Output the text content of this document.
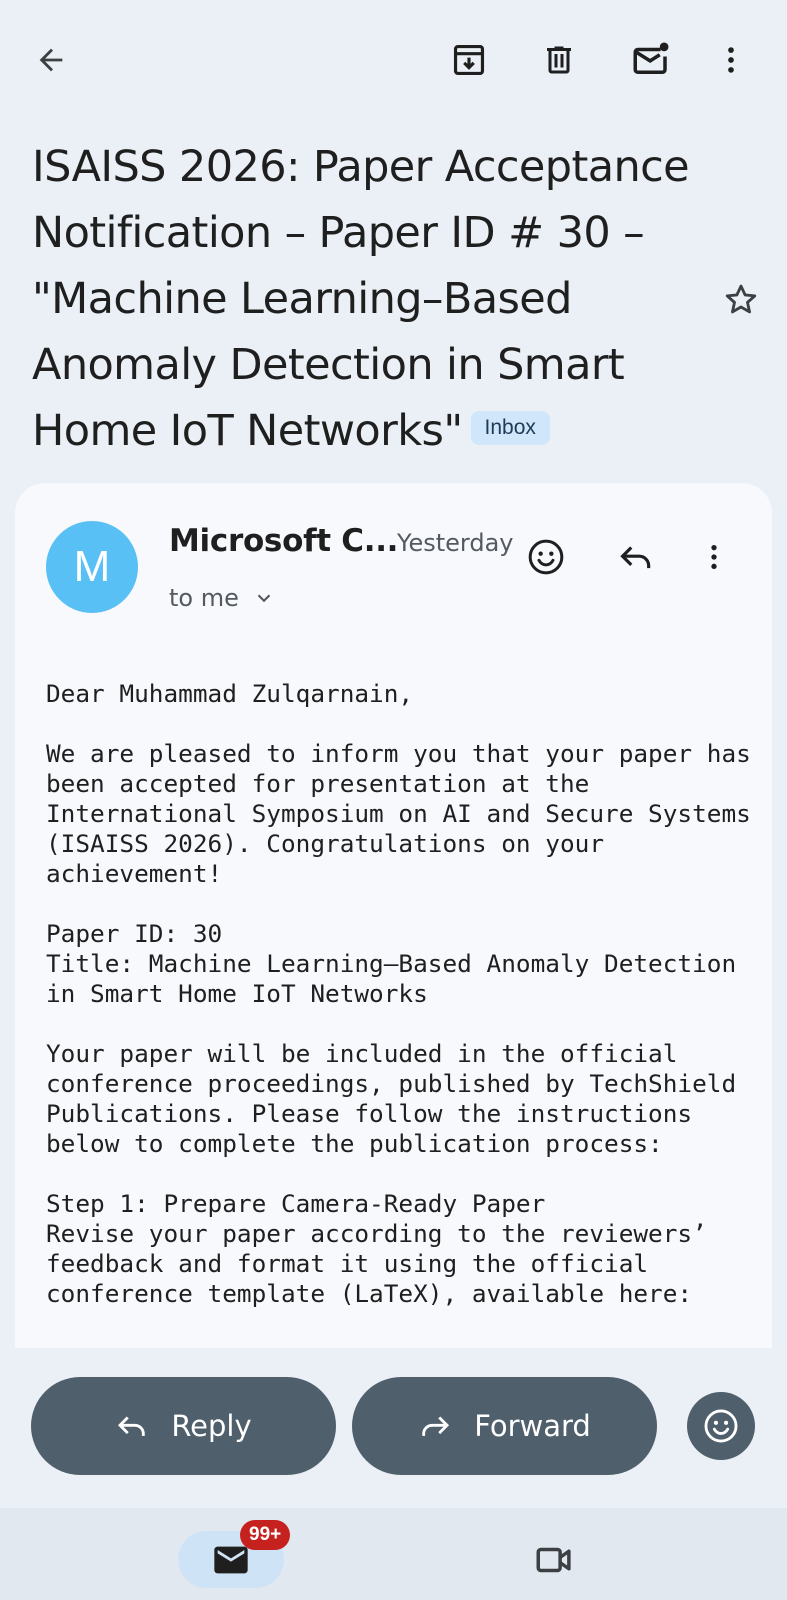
ISAISS 2026: Paper Acceptance Notification – Paper ID # 30 – "Machine Learning–Based Anomaly Detection in Smart Home IoT Networks" Inbox
M
Microsoft C...
Yesterday
to me
Dear Muhammad Zulqarnain,

We are pleased to inform you that your paper has been accepted for presentation at the International Symposium on AI and Secure Systems (ISAISS 2026). Congratulations on your achievement!

Paper ID: 30
Title: Machine Learning–Based Anomaly Detection in Smart Home IoT Networks

Your paper will be included in the official conference proceedings, published by TechShield Publications. Please follow the instructions below to complete the publication process:

Step 1: Prepare Camera-Ready Paper
Revise your paper according to the reviewers’ feedback and format it using the official conference template (LaTeX), available here:
Reply	Forward
99+
